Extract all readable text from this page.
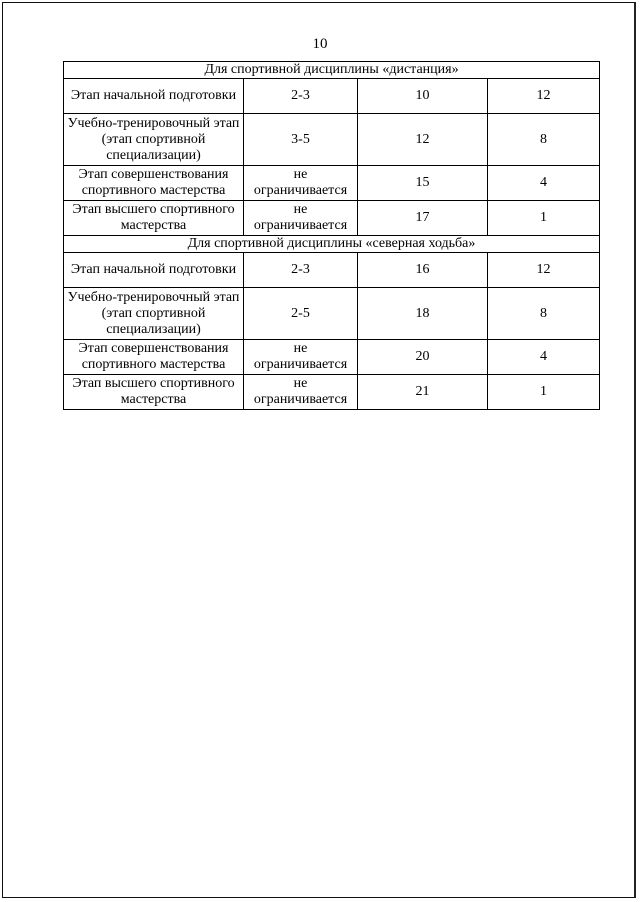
10
Для спортивной дисциплины «дистанция»			
Этап начальной подготовки	2-3	10	12
Учебно-тренировочный этап (этап спортивной специализации)	3-5	12	8
Этап совершенствования спортивного мастерства	не ограничивается	15	4
Этап высшего спортивного мастерства	не ограничивается	17	1
Для спортивной дисциплины «северная ходьба»			
Этап начальной подготовки	2-3	16	12
Учебно-тренировочный этап (этап спортивной специализации)	2-5	18	8
Этап совершенствования спортивного мастерства	не ограничивается	20	4
Этап высшего спортивного мастерства	не ограничивается	21	1
